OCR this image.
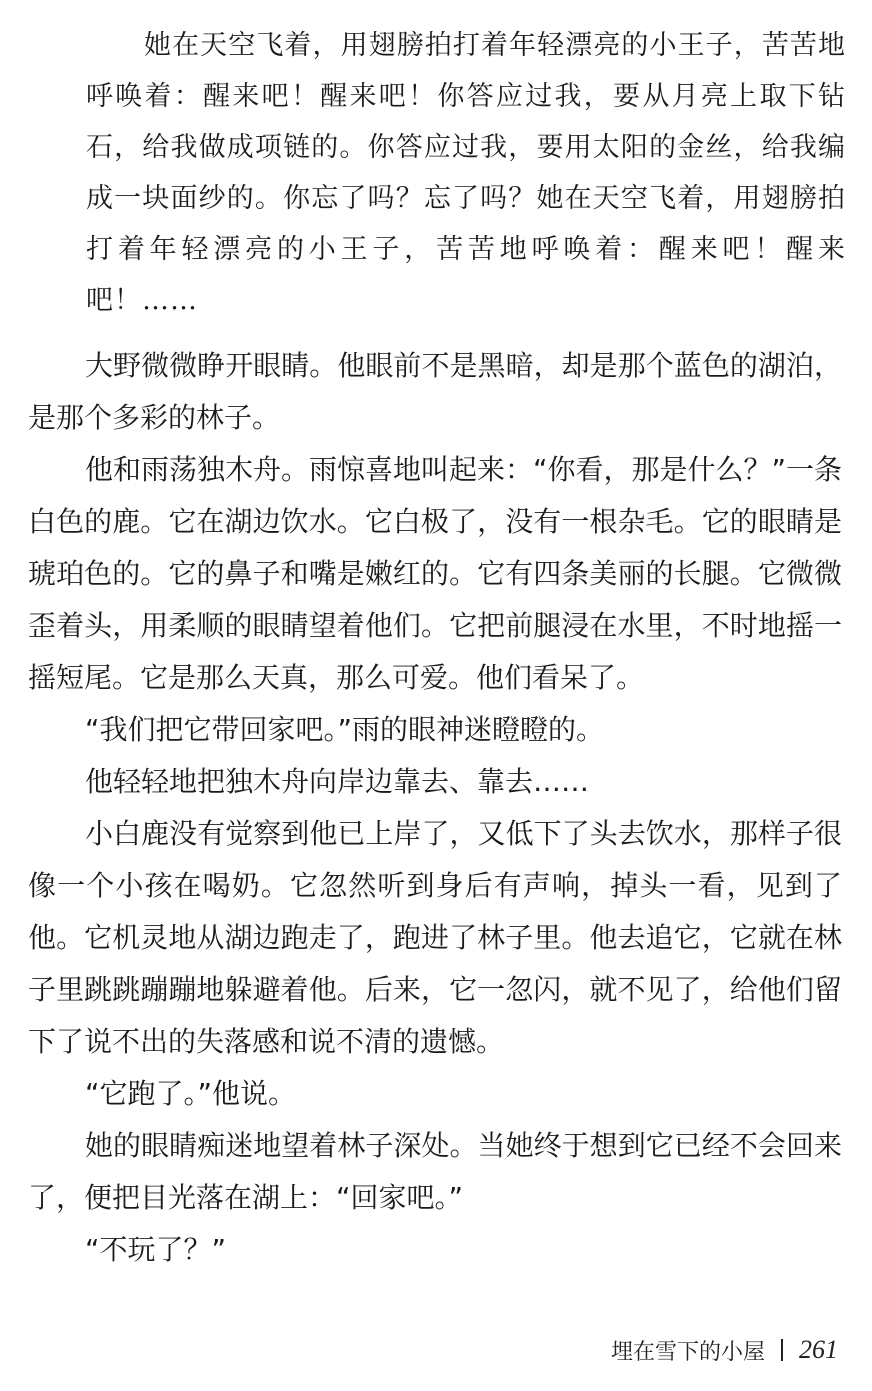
她在天空飞着，用翅膀拍打着年轻漂亮的小王子，苦苦地呼唤着：醒来吧！醒来吧！你答应过我，要从月亮上取下钻石，给我做成项链的。你答应过我，要用太阳的金丝，给我编成一块面纱的。你忘了吗？忘了吗？她在天空飞着，用翅膀拍打着年轻漂亮的小王子，苦苦地呼唤着：醒来吧！醒来吧！……

大野微微睁开眼睛。他眼前不是黑暗，却是那个蓝色的湖泊，是那个多彩的林子。

他和雨荡独木舟。雨惊喜地叫起来：“你看，那是什么？”一条白色的鹿。它在湖边饮水。它白极了，没有一根杂毛。它的眼睛是琥珀色的。它的鼻子和嘴是嫩红的。它有四条美丽的长腿。它微微歪着头，用柔顺的眼睛望着他们。它把前腿浸在水里，不时地摇一摇短尾。它是那么天真，那么可爱。他们看呆了。

“我们把它带回家吧。”雨的眼神迷瞪瞪的。

他轻轻地把独木舟向岸边靠去、靠去……

小白鹿没有觉察到他已上岸了，又低下了头去饮水，那样子很像一个小孩在喝奶。它忽然听到身后有声响，掉头一看，见到了他。它机灵地从湖边跑走了，跑进了林子里。他去追它，它就在林子里跳跳蹦蹦地躲避着他。后来，它一忽闪，就不见了，给他们留下了说不出的失落感和说不清的遗憾。

“它跑了。”他说。

她的眼睛痴迷地望着林子深处。当她终于想到它已经不会回来了，便把目光落在湖上：“回家吧。”

“不玩了？”

埋在雪下的小屋 261
